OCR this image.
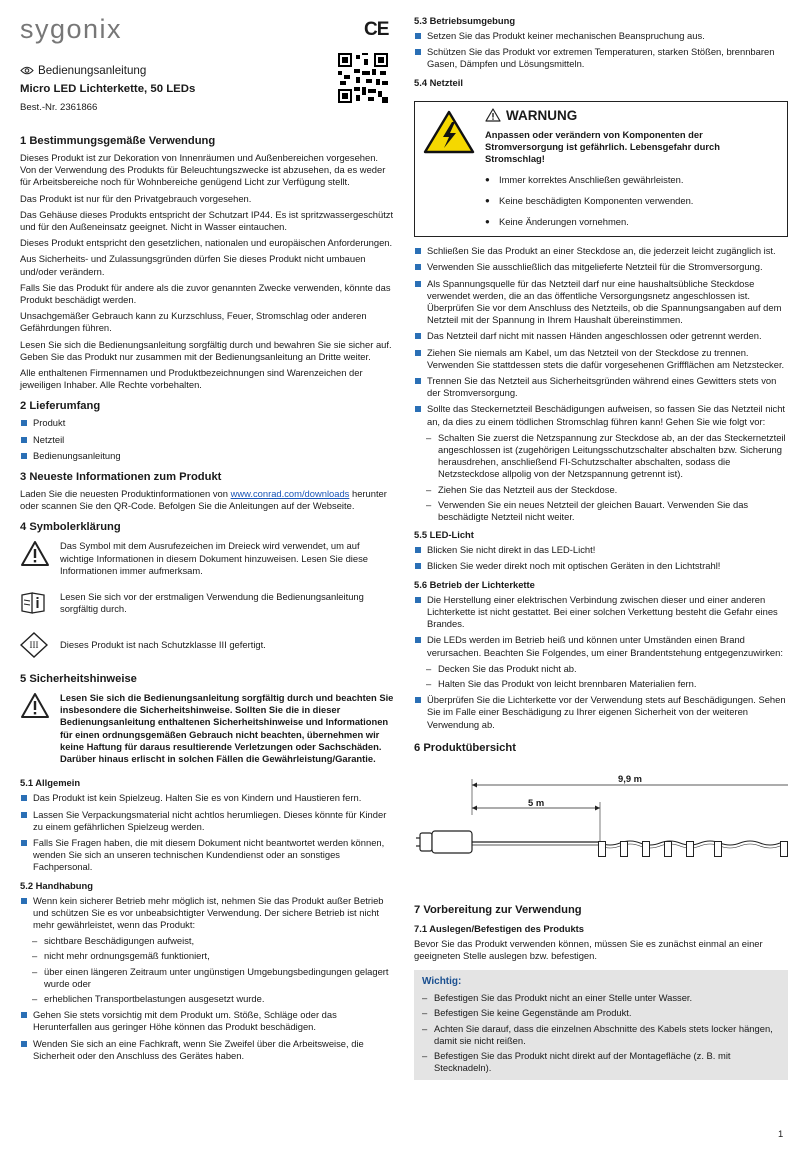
sygonix	CE
Bedienungsanleitung
Micro LED Lichterkette, 50 LEDs
Best.-Nr. 2361866
1 Bestimmungsgemäße Verwendung

Dieses Produkt ist zur Dekoration von Innenräumen und Außenbereichen vorgesehen. Von der Verwendung des Produkts für Beleuchtungszwecke ist abzusehen, da es weder für Arbeitsbereiche noch für Wohnbereiche genügend Licht zur Verfügung stellt.

Das Produkt ist nur für den Privatgebrauch vorgesehen.

Das Gehäuse dieses Produkts entspricht der Schutzart IP44. Es ist spritzwassergeschützt und für den Außeneinsatz geeignet. Nicht in Wasser eintauchen.

Dieses Produkt entspricht den gesetzlichen, nationalen und europäischen Anforderungen.

Aus Sicherheits- und Zulassungsgründen dürfen Sie dieses Produkt nicht umbauen und/oder verändern.

Falls Sie das Produkt für andere als die zuvor genannten Zwecke verwenden, könnte das Produkt beschädigt werden.

Unsachgemäßer Gebrauch kann zu Kurzschluss, Feuer, Stromschlag oder anderen Gefährdungen führen.

Lesen Sie sich die Bedienungsanleitung sorgfältig durch und bewahren Sie sie sicher auf. Geben Sie das Produkt nur zusammen mit der Bedienungsanleitung an Dritte weiter.

Alle enthaltenen Firmennamen und Produktbezeichnungen sind Warenzeichen der jeweiligen Inhaber. Alle Rechte vorbehalten.

2 Lieferumfang
Produkt
Netzteil
Bedienungsanleitung
3 Neueste Informationen zum Produkt

Laden Sie die neuesten Produktinformationen von www.conrad.com/downloads herunter oder scannen Sie den QR-Code. Befolgen Sie die Anleitungen auf der Webseite.

4 Symbolerklärung

Das Symbol mit dem Ausrufezeichen im Dreieck wird verwendet, um auf wichtige Informationen in diesem Dokument hinzuweisen. Lesen Sie diese Informationen immer aufmerksam.

Lesen Sie sich vor der erstmaligen Verwendung die Bedienungsanleitung sorgfältig durch.

III	Dieses Produkt ist nach Schutzklasse III gefertigt.

5 Sicherheitshinweise

Lesen Sie sich die Bedienungsanleitung sorgfältig durch und beachten Sie insbesondere die Sicherheitshinweise. Sollten Sie die in dieser Bedienungsanleitung enthaltenen Sicherheitshinweise und Informationen für einen ordnungsgemäßen Gebrauch nicht beachten, übernehmen wir keine Haftung für daraus resultierende Verletzungen oder Sachschäden. Darüber hinaus erlischt in solchen Fällen die Gewährleistung/Garantie.

5.1 Allgemein
Das Produkt ist kein Spielzeug. Halten Sie es von Kindern und Haustieren fern.
Lassen Sie Verpackungsmaterial nicht achtlos herumliegen. Dieses könnte für Kinder zu einem gefährlichen Spielzeug werden.
Falls Sie Fragen haben, die mit diesem Dokument nicht beantwortet werden können, wenden Sie sich an unseren technischen Kundendienst oder an sonstiges Fachpersonal.
5.2 Handhabung
Wenn kein sicherer Betrieb mehr möglich ist, nehmen Sie das Produkt außer Betrieb und schützen Sie es vor unbeabsichtigter Verwendung. Der sichere Betrieb ist nicht mehr gewährleistet, wenn das Produkt:
– sichtbare Beschädigungen aufweist,
– nicht mehr ordnungsgemäß funktioniert,
– über einen längeren Zeitraum unter ungünstigen Umgebungsbedingungen gelagert wurde oder
– erheblichen Transportbelastungen ausgesetzt wurde.
Gehen Sie stets vorsichtig mit dem Produkt um. Stöße, Schläge oder das Herunterfallen aus geringer Höhe können das Produkt beschädigen.
Wenden Sie sich an eine Fachkraft, wenn Sie Zweifel über die Arbeitsweise, die Sicherheit oder den Anschluss des Gerätes haben.
5.3 Betriebsumgebung
Setzen Sie das Produkt keiner mechanischen Beanspruchung aus.
Schützen Sie das Produkt vor extremen Temperaturen, starken Stößen, brennbaren Gasen, Dämpfen und Lösungsmitteln.
5.4 Netzteil
WARNUNG

Anpassen oder verändern von Komponenten der Stromversorgung ist gefährlich. Lebensgefahr durch Stromschlag!

● Immer korrektes Anschließen gewährleisten.
● Keine beschädigten Komponenten verwenden.
● Keine Änderungen vornehmen.
Schließen Sie das Produkt an einer Steckdose an, die jederzeit leicht zugänglich ist.
Verwenden Sie ausschließlich das mitgelieferte Netzteil für die Stromversorgung.
Als Spannungsquelle für das Netzteil darf nur eine haushaltsübliche Steckdose verwendet werden, die an das öffentliche Versorgungsnetz angeschlossen ist. Überprüfen Sie vor dem Anschluss des Netzteils, ob die Spannungsangaben auf dem Netzteil mit der Spannung in Ihrem Haushalt übereinstimmen.
Das Netzteil darf nicht mit nassen Händen angeschlossen oder getrennt werden.
Ziehen Sie niemals am Kabel, um das Netzteil von der Steckdose zu trennen. Verwenden Sie stattdessen stets die dafür vorgesehenen Griffflächen am Netzstecker.
Trennen Sie das Netzteil aus Sicherheitsgründen während eines Gewitters stets von der Stromversorgung.
Sollte das Steckernetzteil Beschädigungen aufweisen, so fassen Sie das Netzteil nicht an, da dies zu einem tödlichen Stromschlag führen kann! Gehen Sie wie folgt vor:
– Schalten Sie zuerst die Netzspannung zur Steckdose ab, an der das Steckernetzteil angeschlossen ist (zugehörigen Leitungsschutzschalter abschalten bzw. Sicherung herausdrehen, anschließend FI-Schutzschalter abschalten, sodass die Netzsteckdose allpolig von der Netzspannung getrennt ist).
– Ziehen Sie das Netzteil aus der Steckdose.
– Verwenden Sie ein neues Netzteil der gleichen Bauart. Verwenden Sie das beschädigte Netzteil nicht weiter.
5.5 LED-Licht
Blicken Sie nicht direkt in das LED-Licht!
Blicken Sie weder direkt noch mit optischen Geräten in den Lichtstrahl!
5.6 Betrieb der Lichterkette
Die Herstellung einer elektrischen Verbindung zwischen dieser und einer anderen Lichterkette ist nicht gestattet. Bei einer solchen Verkettung besteht die Gefahr eines Brandes.
Die LEDs werden im Betrieb heiß und können unter Umständen einen Brand verursachen. Beachten Sie Folgendes, um einer Brandentstehung entgegenzuwirken:
– Decken Sie das Produkt nicht ab.
– Halten Sie das Produkt von leicht brennbaren Materialien fern.
Überprüfen Sie die Lichterkette vor der Verwendung stets auf Beschädigungen. Sehen Sie im Falle einer Beschädigung zu Ihrer eigenen Sicherheit von der weiteren Verwendung ab.
6 Produktübersicht
9,9 m
5 m
7 Vorbereitung zur Verwendung
7.1 Auslegen/Befestigen des Produkts

Bevor Sie das Produkt verwenden können, müssen Sie es zunächst einmal an einer geeigneten Stelle auslegen bzw. befestigen.

Wichtig:
– Befestigen Sie das Produkt nicht an einer Stelle unter Wasser.
– Befestigen Sie keine Gegenstände am Produkt.
– Achten Sie darauf, dass die einzelnen Abschnitte des Kabels stets locker hängen, damit sie nicht reißen.
– Befestigen Sie das Produkt nicht direkt auf der Montagefläche (z. B. mit Stecknadeln).
1
